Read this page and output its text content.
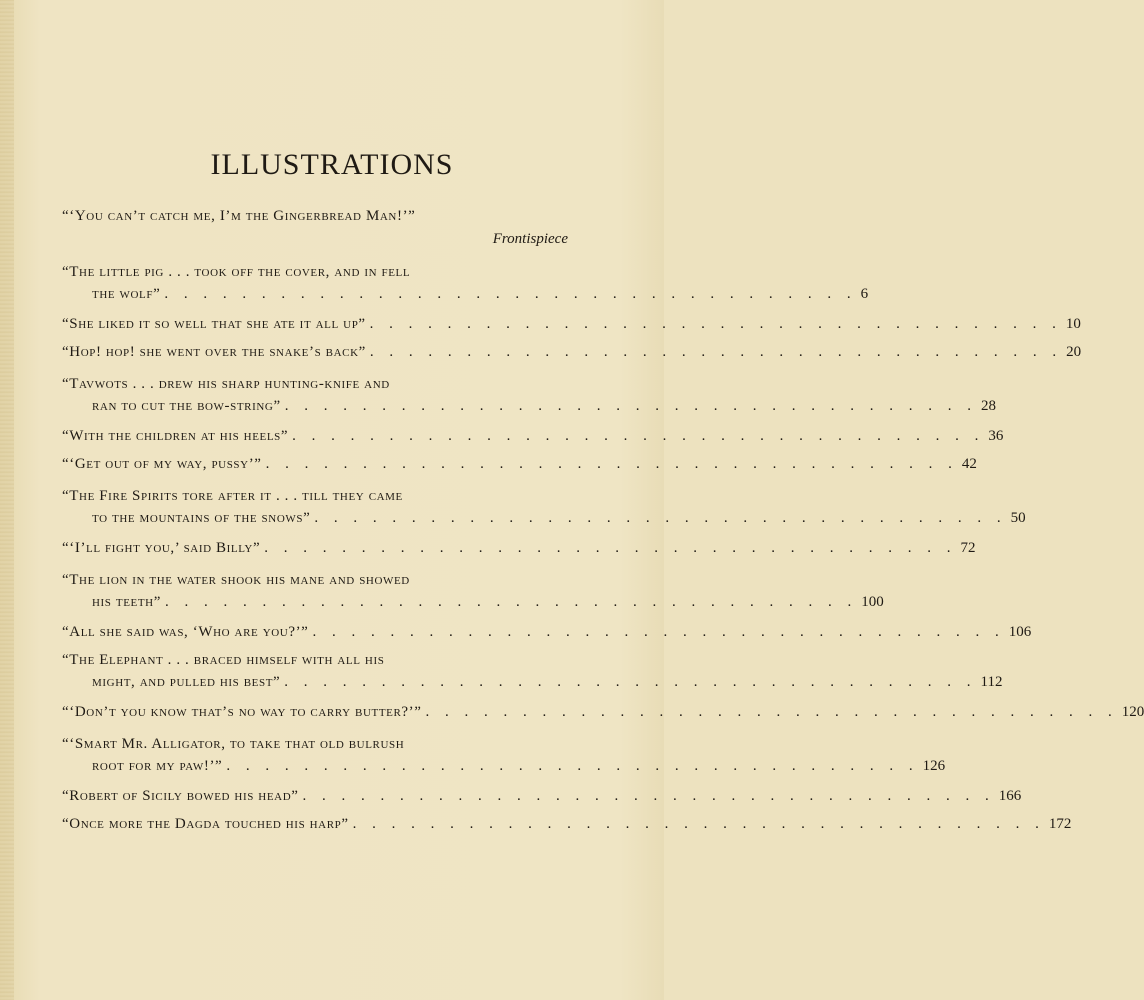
ILLUSTRATIONS
“‘You can’t catch me, I’m the Gingerbread Man!’”
Frontispiece
“The little pig . . . took off the cover, and in fell
the wolf” . . . . . . . . . . . . . . . . . . . . . . . . . . . . . . . . . . . . 6
“She liked it so well that she ate it all up” . . . . . . . . . . . . . . . . . . . . . . . . . . . . . . . . . . . . 10
“Hop! hop! she went over the snake’s back” . . . . . . . . . . . . . . . . . . . . . . . . . . . . . . . . . . . . 20
“Tavwots . . . drew his sharp hunting-knife and
ran to cut the bow-string” . . . . . . . . . . . . . . . . . . . . . . . . . . . . . . . . . . . . 28
“With the children at his heels” . . . . . . . . . . . . . . . . . . . . . . . . . . . . . . . . . . . . 36
“‘Get out of my way, pussy’” . . . . . . . . . . . . . . . . . . . . . . . . . . . . . . . . . . . . 42
“The Fire Spirits tore after it . . . till they came
to the mountains of the snows” . . . . . . . . . . . . . . . . . . . . . . . . . . . . . . . . . . . . 50
“‘I’ll fight you,’ said Billy” . . . . . . . . . . . . . . . . . . . . . . . . . . . . . . . . . . . . 72
“The lion in the water shook his mane and showed
his teeth” . . . . . . . . . . . . . . . . . . . . . . . . . . . . . . . . . . . . 100
“All she said was, ‘Who are you?’” . . . . . . . . . . . . . . . . . . . . . . . . . . . . . . . . . . . . 106
“The Elephant . . . braced himself with all his
might, and pulled his best” . . . . . . . . . . . . . . . . . . . . . . . . . . . . . . . . . . . . 112
“‘Don’t you know that’s no way to carry butter?’” . . . . . . . . . . . . . . . . . . . . . . . . . . . . . . . . . . . . 120
“‘Smart Mr. Alligator, to take that old bulrush
root for my paw!’” . . . . . . . . . . . . . . . . . . . . . . . . . . . . . . . . . . . . 126
“Robert of Sicily bowed his head” . . . . . . . . . . . . . . . . . . . . . . . . . . . . . . . . . . . . 166
“Once more the Dagda touched his harp” . . . . . . . . . . . . . . . . . . . . . . . . . . . . . . . . . . . . 172
